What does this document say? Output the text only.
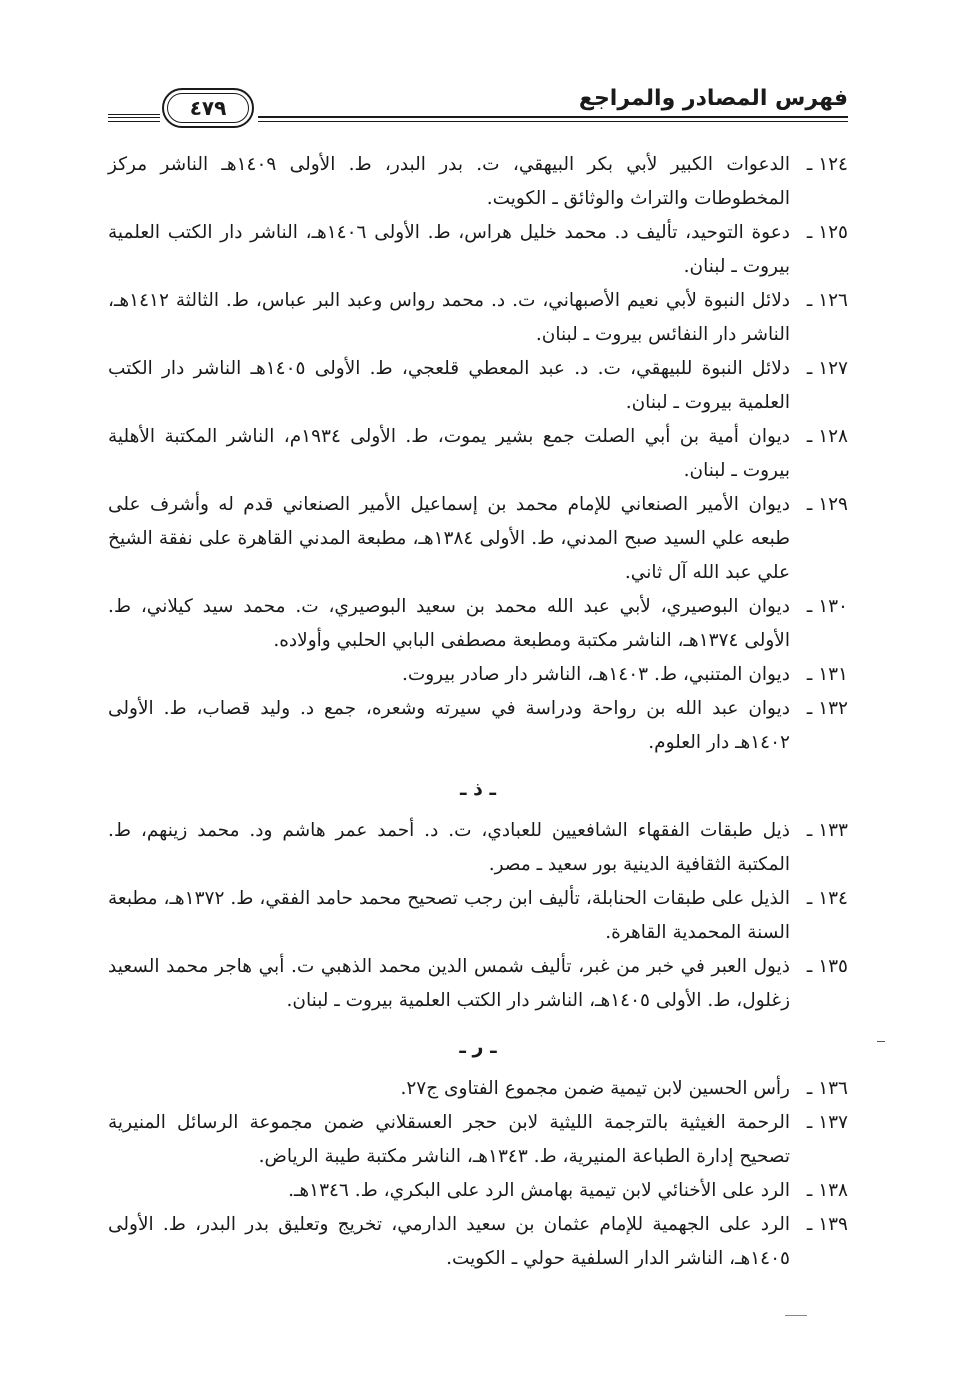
فهرس المصادر والمراجع
٤٧٩
١٢٤ ـ
الدعوات الكبير لأبي بكر البيهقي، ت. بدر البدر، ط. الأولى ١٤٠٩هـ الناشر مركز المخطوطات والتراث والوثائق ـ الكويت.
١٢٥ ـ
دعوة التوحيد، تأليف د. محمد خليل هراس، ط. الأولى ١٤٠٦هـ، الناشر دار الكتب العلمية بيروت ـ لبنان.
١٢٦ ـ
دلائل النبوة لأبي نعيم الأصبهاني، ت. د. محمد رواس وعبد البر عباس، ط. الثالثة ١٤١٢هـ، الناشر دار النفائس بيروت ـ لبنان.
١٢٧ ـ
دلائل النبوة للبيهقي، ت. د. عبد المعطي قلعجي، ط. الأولى ١٤٠٥هـ الناشر دار الكتب العلمية بيروت ـ لبنان.
١٢٨ ـ
ديوان أمية بن أبي الصلت جمع بشير يموت، ط. الأولى ١٩٣٤م، الناشر المكتبة الأهلية بيروت ـ لبنان.
١٢٩ ـ
ديوان الأمير الصنعاني للإمام محمد بن إسماعيل الأمير الصنعاني قدم له وأشرف على طبعه علي السيد صبح المدني، ط. الأولى ١٣٨٤هـ، مطبعة المدني القاهرة على نفقة الشيخ علي عبد الله آل ثاني.
١٣٠ ـ
ديوان البوصيري، لأبي عبد الله محمد بن سعيد البوصيري، ت. محمد سيد كيلاني، ط. الأولى ١٣٧٤هـ، الناشر مكتبة ومطبعة مصطفى البابي الحلبي وأولاده.
١٣١ ـ
ديوان المتنبي، ط. ١٤٠٣هـ، الناشر دار صادر بيروت.
١٣٢ ـ
ديوان عبد الله بن رواحة ودراسة في سيرته وشعره، جمع د. وليد قصاب، ط. الأولى ١٤٠٢هـ دار العلوم.
ـ ذ ـ
١٣٣ ـ
ذيل طبقات الفقهاء الشافعيين للعبادي، ت. د. أحمد عمر هاشم ود. محمد زينهم، ط. المكتبة الثقافية الدينية بور سعيد ـ مصر.
١٣٤ ـ
الذيل على طبقات الحنابلة، تأليف ابن رجب تصحيح محمد حامد الفقي، ط. ١٣٧٢هـ، مطبعة السنة المحمدية القاهرة.
١٣٥ ـ
ذيول العبر في خبر من غبر، تأليف شمس الدين محمد الذهبي ت. أبي هاجر محمد السعيد زغلول، ط. الأولى ١٤٠٥هـ، الناشر دار الكتب العلمية بيروت ـ لبنان.
ـ ر ـ
١٣٦ ـ
رأس الحسين لابن تيمية ضمن مجموع الفتاوى ج٢٧.
١٣٧ ـ
الرحمة الغيثية بالترجمة الليثية لابن حجر العسقلاني ضمن مجموعة الرسائل المنيرية تصحيح إدارة الطباعة المنيرية، ط. ١٣٤٣هـ، الناشر مكتبة طيبة الرياض.
١٣٨ ـ
الرد على الأخنائي لابن تيمية بهامش الرد على البكري، ط. ١٣٤٦هـ.
١٣٩ ـ
الرد على الجهمية للإمام عثمان بن سعيد الدارمي، تخريج وتعليق بدر البدر، ط. الأولى ١٤٠٥هـ، الناشر الدار السلفية حولي ـ الكويت.
